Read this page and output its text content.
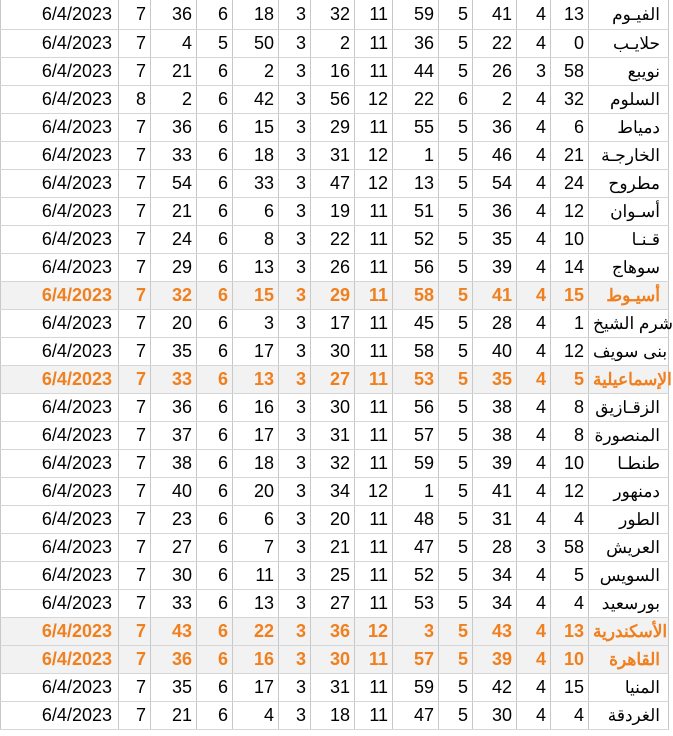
6/4/2023	7	36	6	18	3	32	11	59	5	41	4	13	الفيـوم
6/4/2023	7	4	5	50	3	2	11	36	5	22	4	0	حلايـب
6/4/2023	7	21	6	2	3	16	11	44	5	26	3	58	نويبع
6/4/2023	8	2	6	42	3	56	12	22	6	2	4	32	السلوم
6/4/2023	7	36	6	15	3	29	11	55	5	36	4	6	دمياط
6/4/2023	7	33	6	18	3	31	12	1	5	46	4	21	الخارجـة
6/4/2023	7	54	6	33	3	47	12	13	5	54	4	24	مطروح
6/4/2023	7	21	6	6	3	19	11	51	5	36	4	12	أسـوان
6/4/2023	7	24	6	8	3	22	11	52	5	35	4	10	قـنـا
6/4/2023	7	29	6	13	3	26	11	56	5	39	4	14	سوهاج
6/4/2023	7	32	6	15	3	29	11	58	5	41	4	15	أسيـوط
6/4/2023	7	20	6	3	3	17	11	45	5	28	4	1	شرم الشيخ
6/4/2023	7	35	6	17	3	30	11	58	5	40	4	12	بنى سويف
6/4/2023	7	33	6	13	3	27	11	53	5	35	4	5	الإسماعيلية
6/4/2023	7	36	6	16	3	30	11	56	5	38	4	8	الزقـازيق
6/4/2023	7	37	6	17	3	31	11	57	5	38	4	8	المنصورة
6/4/2023	7	38	6	18	3	32	11	59	5	39	4	10	طنطـا
6/4/2023	7	40	6	20	3	34	12	1	5	41	4	12	دمنهور
6/4/2023	7	23	6	6	3	20	11	48	5	31	4	4	الطور
6/4/2023	7	27	6	7	3	21	11	47	5	28	3	58	العريش
6/4/2023	7	30	6	11	3	25	11	52	5	34	4	5	السويس
6/4/2023	7	33	6	13	3	27	11	53	5	34	4	4	بورسعيد
6/4/2023	7	43	6	22	3	36	12	3	5	43	4	13	الأسكندرية
6/4/2023	7	36	6	16	3	30	11	57	5	39	4	10	القاهرة
6/4/2023	7	35	6	17	3	31	11	59	5	42	4	15	المنيا
6/4/2023	7	21	6	4	3	18	11	47	5	30	4	4	الغردقة
